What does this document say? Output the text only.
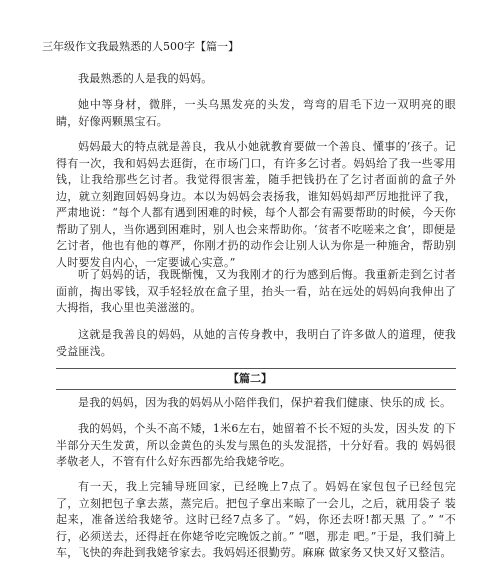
三年级作文我最熟悉的人500字【篇一】

我最熟悉的人是我的妈妈。

她中等身材，微胖，一头乌黑发亮的头发，弯弯的眉毛下边一双明亮的眼睛，好像两颗黑宝石。

妈妈最大的特点就是善良，我从小她就教育要做一个善良、懂事的’孩子。记得有一次，我和妈妈去逛街，在市场门口，有许多乞讨者。妈妈给了我一些零用钱，让我给那些乞讨者。我觉得很害羞，随手把钱扔在了乞讨者面前的盒子外边，就立刻跑回妈妈身边。本以为妈妈会表扬我，谁知妈妈却严厉地批评了我，严肃地说：“每个人都有遇到困难的时候，每个人都会有需要帮助的时候，今天你帮助了别人，当你遇到困难时，别人也会来帮助你。‘贫者不吃嗟来之食’，即便是乞讨者，他也有他的尊严，你刚才扔的动作会让别人认为你是一种施舍，帮助别人时要发自内心，一定要诚心实意。”

听了妈妈的话，我既惭愧，又为我刚才的行为感到后悔。我重新走到乞讨者面前，掏出零钱，双手轻轻放在盒子里，抬头一看，站在远处的妈妈向我伸出了大拇指，我心里也美滋滋的。

这就是我善良的妈妈，从她的言传身教中，我明白了许多做人的道理，使我受益匪浅。

【篇二】

是我的妈妈，因为我的妈妈从小陪伴我们，保护着我们健康、快乐的成 长。

我的妈妈，个头不高不矮，1米6左右，她留着不长不短的头发，因头发 的下半部分天生发黄，所以金黄色的头发与黑色的头发混搭，十分好看。我的 妈妈很孝敬老人，不管有什么好东西都先给我姥爷吃。

有一天，我上完辅导班回家，已经晚上7点了。妈妈在家包包子已经包完 了，立刻把包子拿去蒸，蒸完后。把包子拿出来晾了一会儿，之后，就用袋子 装起来，准备送给我姥爷。这时已经7点多了。“妈，你还去呀!都天黑 了。” “不行，必须送去，还得赶在你姥爷吃完晚饭之前。” “嗯，那走 吧。”于是，我们骑上车，飞快的奔赴到我姥爷家去。我妈妈还很勤劳。麻麻 做家务又快又好又整洁。
